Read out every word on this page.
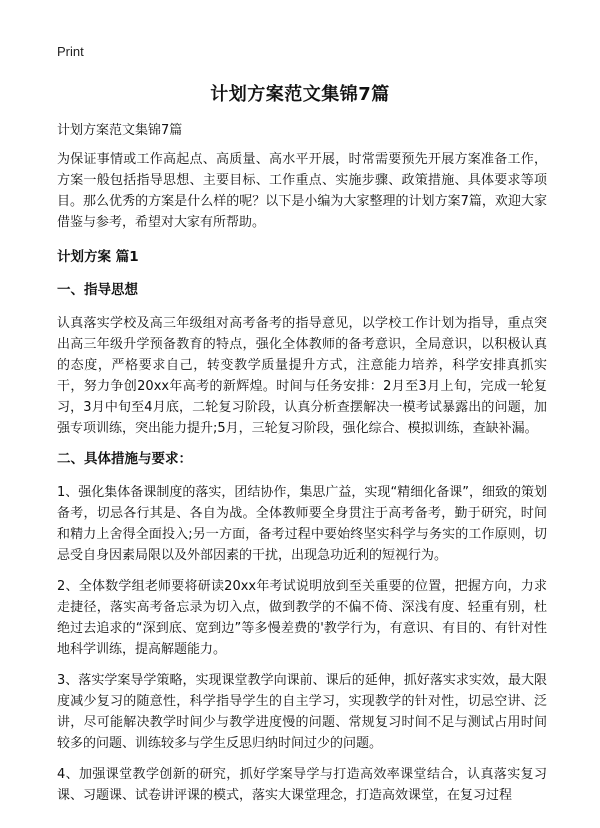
Print
计划方案范文集锦7篇

计划方案范文集锦7篇

为保证事情或工作高起点、高质量、高水平开展，时常需要预先开展方案准备工作，方案一般包括指导思想、主要目标、工作重点、实施步骤、政策措施、具体要求等项目。那么优秀的方案是什么样的呢？以下是小编为大家整理的计划方案7篇，欢迎大家借鉴与参考，希望对大家有所帮助。

计划方案 篇1
一、指导思想

认真落实学校及高三年级组对高考备考的指导意见，以学校工作计划为指导，重点突出高三年级升学预备教育的特点，强化全体教师的备考意识，全局意识，以积极认真的态度，严格要求自己，转变教学质量提升方式，注意能力培养，科学安排真抓实干，努力争创20xx年高考的新辉煌。时间与任务安排：2月至3月上旬，完成一轮复习，3月中旬至4月底，二轮复习阶段，认真分析查摆解决一模考试暴露出的问题，加强专项训练，突出能力提升;5月，三轮复习阶段，强化综合、模拟训练，查缺补漏。

二、具体措施与要求：

1、强化集体备课制度的落实，团结协作，集思广益，实现“精细化备课”，细致的策划备考，切忌各行其是、各自为战。全体教师要全身贯注于高考备考，勤于研究，时间和精力上舍得全面投入;另一方面，备考过程中要始终坚实科学与务实的工作原则，切忌受自身因素局限以及外部因素的干扰，出现急功近利的短视行为。

2、全体数学组老师要将研读20xx年考试说明放到至关重要的位置，把握方向，力求走捷径，落实高考备忘录为切入点，做到教学的不偏不倚、深浅有度、轻重有别，杜绝过去追求的“深到底、宽到边”等多慢差费的'教学行为，有意识、有目的、有针对性地科学训练，提高解题能力。

3、落实学案导学策略，实现课堂教学向课前、课后的延伸，抓好落实求实效，最大限度减少复习的随意性，科学指导学生的自主学习，实现教学的针对性，切忌空讲、泛讲，尽可能解决教学时间少与教学进度慢的问题、常规复习时间不足与测试占用时间较多的问题、训练较多与学生反思归纳时间过少的问题。

4、加强课堂教学创新的研究，抓好学案导学与打造高效率课堂结合，认真落实复习课、习题课、试卷讲评课的模式，落实大课堂理念，打造高效课堂，在复习过程
